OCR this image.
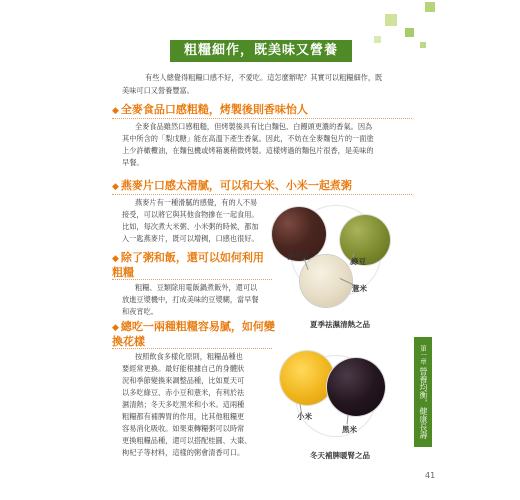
粗糧細作，既美味又營養
有些人總覺得粗糧口感不好，不愛吃。這怎麼辦呢？其實可以粗糧細作，既
美味可口又營養豐富。
◆ 全麥食品口感粗糙，烤製後則香味怡人
全麥食品雖然口感粗糙，但烤製後具有比白麵包、白饅頭更濃的香氣。因為
其中所含的「梨戊糖」能在高溫下產生香氣。因此，不妨在全麥麵包片的一面塗
上少許橄欖油，在麵包機或烤箱裏稍微烤製。這樣烤過的麵包片很香，是美味的
早餐。
◆ 燕麥片口感太滑膩，可以和大米、小米一起煮粥
燕麥片有一種滑膩的感覺，有的人不易
接受，可以將它與其他食物摻在一起食用。
比如，每次煮大米粥、小米粥的時候，都加
入一匙燕麥片，既可以增稠，口感也很好。
◆ 除了粥和飯，還可以如何利用粗糧
粗糧、豆類除用電飯鍋煮飯外，還可以
放進豆漿機中，打成美味的豆漿糊，當早餐
和夜宵吃。
◆ 總吃一兩種粗糧容易膩，如何變換花樣
按照飲食多樣化原則，粗糧品種也
要經常更換。最好能根據自己的身體狀
況和季節變換來調整品種，比如夏天可
以多吃綠豆、赤小豆和薏米，有利於祛
濕清熱；冬天多吃黑米和小米。這兩種
粗糧都有補脾胃的作用，比其他粗糧更
容易消化吸收。如果東轉糧粥可以時常
更換粗糧品種，還可以搭配桂圓、大棗、
枸杞子等材料，這樣的粥會清香可口。
赤小豆
綠豆
薏米
夏季祛濕清熱之品
小米
黑米
冬天補脾暖腎之品
第一章 營養均衡，健康長壽
41
